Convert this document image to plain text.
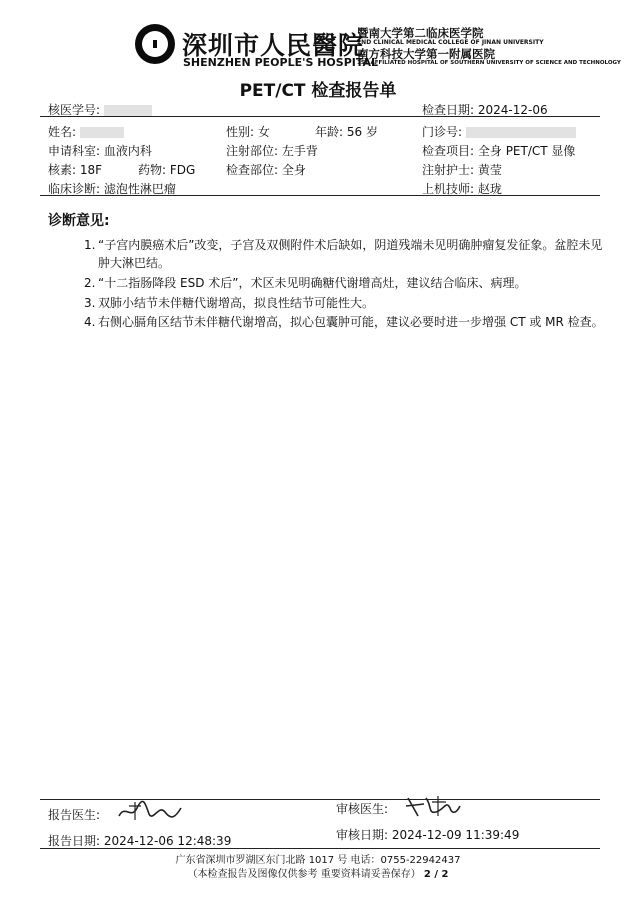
深圳市人民醫院
SHENZHEN PEOPLE'S HOSPITAL
暨南大学第二临床医学院
2ND CLINICAL MEDICAL COLLEGE OF JINAN UNIVERSITY
南方科技大学第一附属医院
1ST AFFILIATED HOSPITAL OF SOUTHERN UNIVERSITY OF SCIENCE AND TECHNOLOGY
PET/CT 检查报告单
核医学号:	检查日期: 2024-12-06
姓名:	性别: 女	年龄: 56 岁	门诊号:
申请科室: 血液内科	注射部位: 左手背	检查项目: 全身 PET/CT 显像
核素: 18F	药物: FDG	检查部位: 全身	注射护士: 黄莹
临床诊断: 滤泡性淋巴瘤	上机技师: 赵珑
诊断意见:
1. “子宫内膜癌术后”改变，子宫及双侧附件术后缺如，阴道残端未见明确肿瘤复发征象。盆腔未见肿大淋巴结。
2. “十二指肠降段 ESD 术后”，术区未见明确糖代谢增高灶，建议结合临床、病理。
3. 双肺小结节未伴糖代谢增高，拟良性结节可能性大。
4. 右侧心膈角区结节未伴糖代谢增高，拟心包囊肿可能，建议必要时进一步增强 CT 或 MR 检查。
报告医生:	审核医生:
报告日期: 2024-12-06 12:48:39	审核日期: 2024-12-09 11:39:49
广东省深圳市罗湖区东门北路 1017 号 电话：0755-22942437
（本检查报告及图像仅供参考 重要资料请妥善保存） 2 / 2
